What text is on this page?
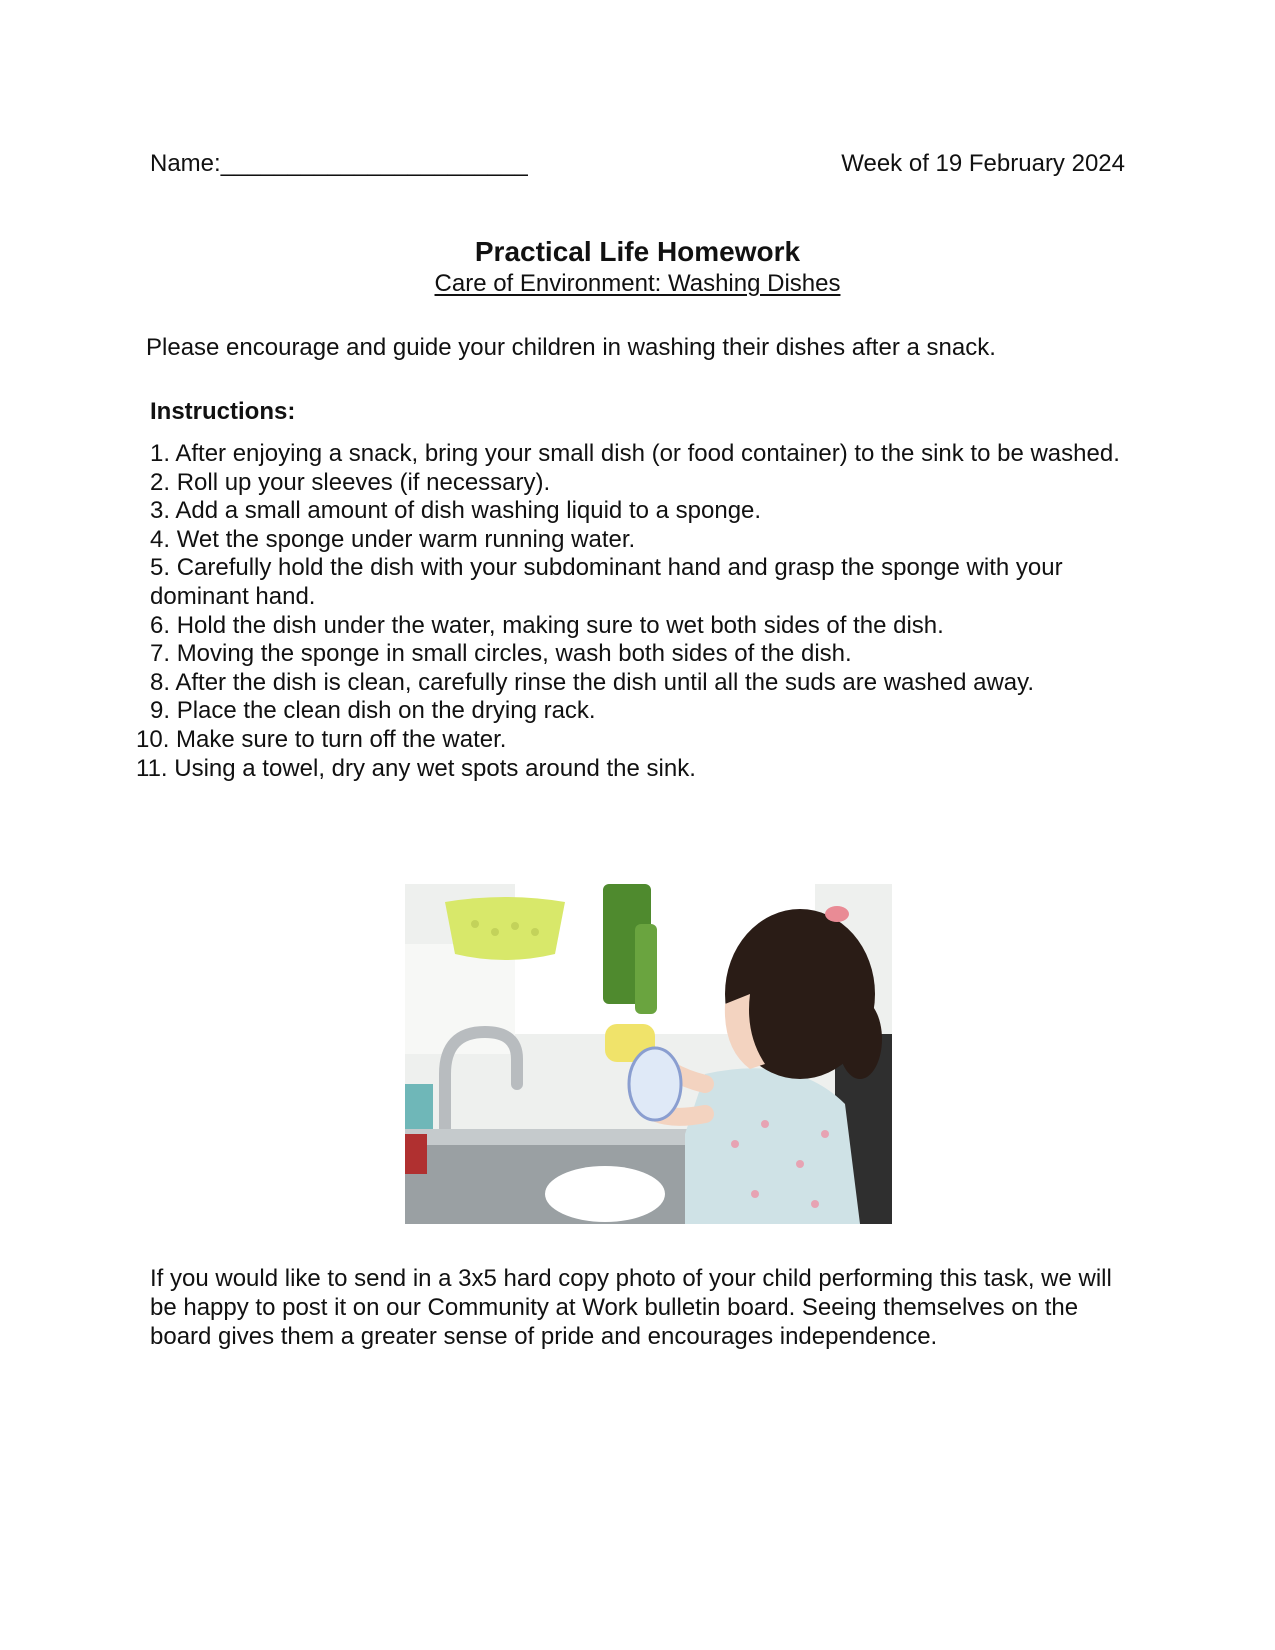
Name:_______________________	Week of 19 February 2024
Practical Life Homework
Care of Environment: Washing Dishes
Please encourage and guide your children in washing their dishes after a snack.
Instructions:
1. After enjoying a snack, bring your small dish (or food container) to the sink to be washed.
2. Roll up your sleeves (if necessary).
3. Add a small amount of dish washing liquid to a sponge.
4. Wet the sponge under warm running water.
5. Carefully hold the dish with your subdominant hand and grasp the sponge with your dominant hand.
6. Hold the dish under the water, making sure to wet both sides of the dish.
7. Moving the sponge in small circles, wash both sides of the dish.
8. After the dish is clean, carefully rinse the dish until all the suds are washed away.
9. Place the clean dish on the drying rack.
10. Make sure to turn off the water.
11. Using a towel, dry any wet spots around the sink.
If you would like to send in a 3x5 hard copy photo of your child performing this task, we will be happy to post it on our Community at Work bulletin board. Seeing themselves on the board gives them a greater sense of pride and encourages independence.
